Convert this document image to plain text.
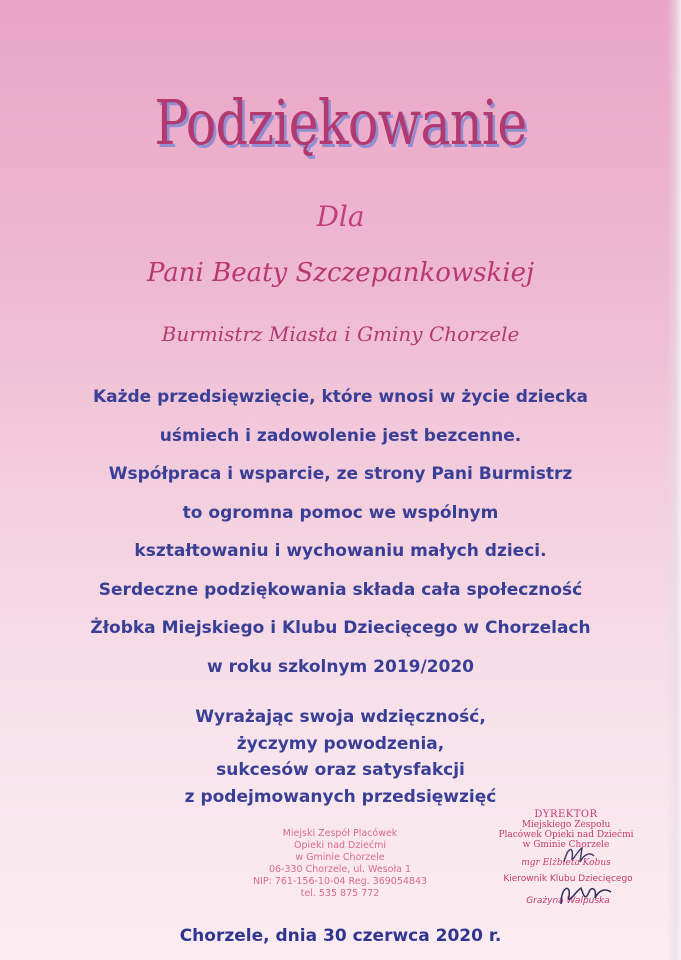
Podziękowanie
Dla
Pani Beaty Szczepankowskiej
Burmistrz Miasta i Gminy Chorzele
Każde przedsięwzięcie, które wnosi w życie dziecka
uśmiech i zadowolenie jest bezcenne.
Współpraca i wsparcie, ze strony Pani Burmistrz
to ogromna pomoc we wspólnym
kształtowaniu i wychowaniu małych dzieci.
Serdeczne podziękowania składa cała społeczność
Żłobka Miejskiego i Klubu Dziecięcego w Chorzelach
w roku szkolnym 2019/2020
Wyrażając swoja wdzięczność,
życzymy powodzenia,
sukcesów oraz satysfakcji
z podejmowanych przedsięwzięć
Miejski Zespół Placówek
Opieki nad Dziećmi
w Gminie Chorzele
06-330 Chorzele, ul. Wesoła 1
NIP: 761-156-10-04 Reg. 369054843
tel. 535 875 772
DYREKTOR
Miejskiego Zespołu
Placówek Opieki nad Dziećmi
w Gminie Chorzele
mgr Elżbieta Kobus
Kierownik Klubu Dziecięcego
Grażyna Walpuska
Chorzele, dnia 30 czerwca 2020 r.
